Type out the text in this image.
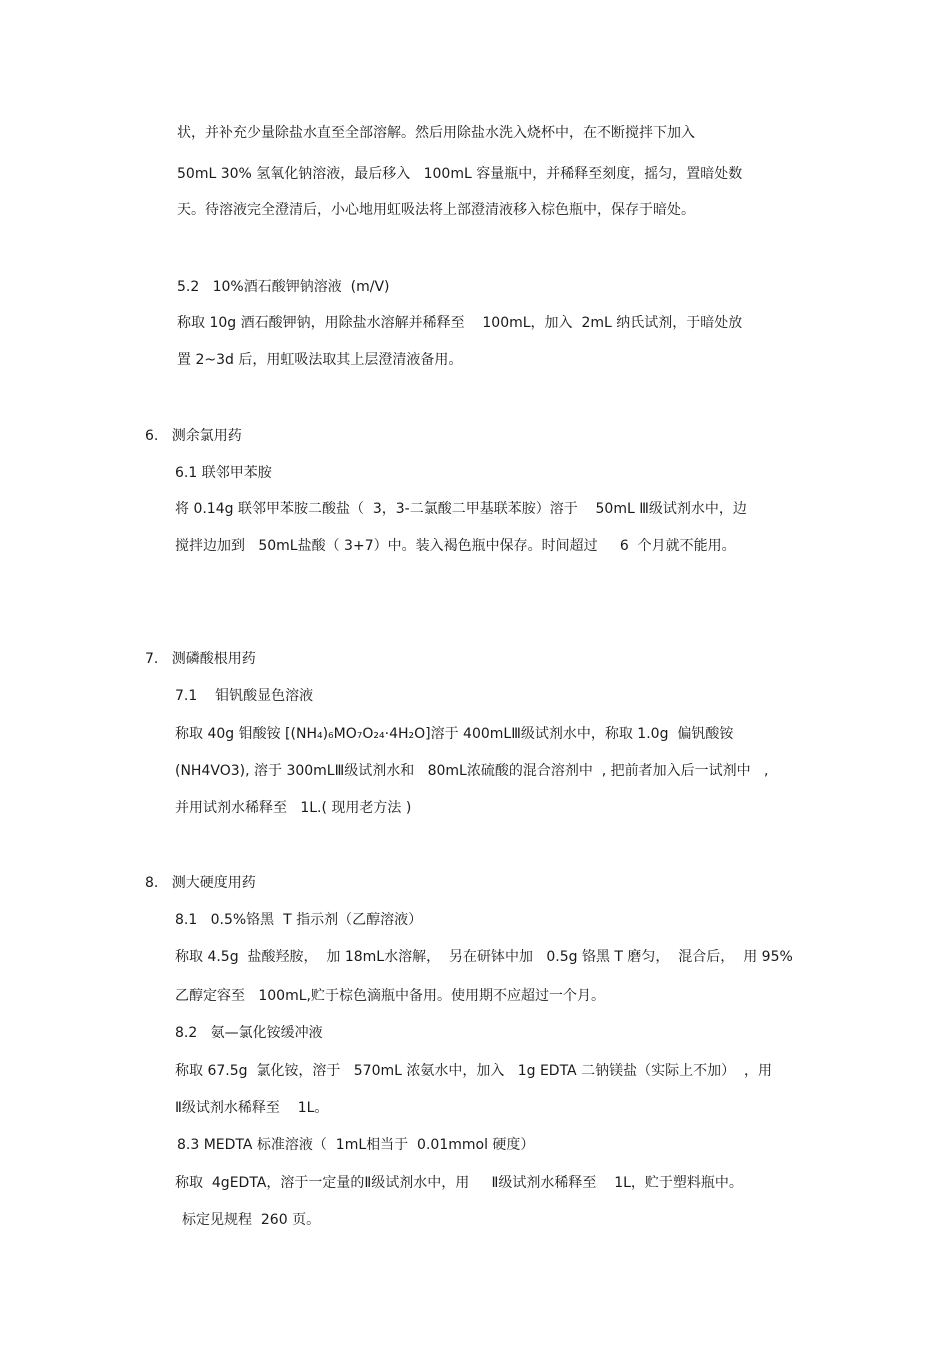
状，并补充少量除盐水直至全部溶解。然后用除盐水洗入烧杯中，在不断搅拌下加入
50mL 30% 氢氧化钠溶液，最后移入   100mL 容量瓶中，并稀释至刻度，摇匀，置暗处数
天。待溶液完全澄清后，小心地用虹吸法将上部澄清液移入棕色瓶中，保存于暗处。
5.2   10%酒石酸钾钠溶液  (m/V)
称取 10g 酒石酸钾钠，用除盐水溶解并稀释至    100mL，加入  2mL 纳氏试剂，于暗处放
置 2~3d 后，用虹吸法取其上层澄清液备用。
6.   测余氯用药
6.1 联邻甲苯胺
将 0.14g 联邻甲苯胺二酸盐（  3，3-二氯酸二甲基联苯胺）溶于    50mL Ⅲ级试剂水中，边
搅拌边加到   50mL盐酸（ 3+7）中。装入褐色瓶中保存。时间超过     6  个月就不能用。
7.   测磷酸根用药
7.1    钼钒酸显色溶液
称取 40g 钼酸铵 [(NH₄)₆MO₇O₂₄·4H₂O]溶于 400mLⅢ级试剂水中，称取 1.0g  偏钒酸铵
(NH4VO3), 溶于 300mLⅢ级试剂水和   80mL浓硫酸的混合溶剂中  , 把前者加入后一试剂中   ,
并用试剂水稀释至   1L.( 现用老方法 )
8.   测大硬度用药
8.1   0.5%铬黑  T 指示剂（乙醇溶液）
称取 4.5g  盐酸羟胺，  加 18mL水溶解，  另在研钵中加   0.5g 铬黑 T 磨匀，  混合后，  用 95%
乙醇定容至   100mL,贮于棕色滴瓶中备用。使用期不应超过一个月。
8.2   氨—氯化铵缓冲液
称取 67.5g  氯化铵，溶于   570mL 浓氨水中，加入   1g EDTA 二钠镁盐（实际上不加）  ，用
Ⅱ级试剂水稀释至    1L。
8.3 MEDTA 标准溶液（  1mL相当于  0.01mmol 硬度）
称取  4gEDTA，溶于一定量的Ⅱ级试剂水中，用     Ⅱ级试剂水稀释至    1L，贮于塑料瓶中。
标定见规程  260 页。
